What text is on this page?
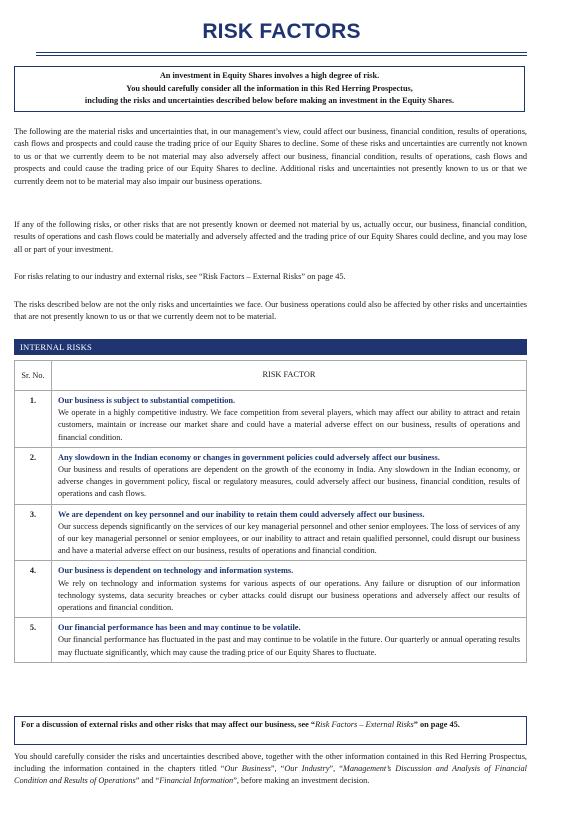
RISK FACTORS
An investment in Equity Shares involves a high degree of risk.
You should carefully consider all the information in this Red Herring Prospectus,
including the risks and uncertainties described below before making an investment in the Equity Shares.
The following are the material risks and uncertainties that, in our management’s view, could affect our business, financial condition, results of operations, cash flows and prospects and could cause the trading price of our Equity Shares to decline. Some of these risks and uncertainties are currently not known to us or that we currently deem to be not material may also adversely affect our business, financial condition, results of operations, cash flows and prospects and could cause the trading price of our Equity Shares to decline. Additional risks and uncertainties not presently known to us or that we currently deem not to be material may also impair our business operations.
If any of the following risks, or other risks that are not presently known or deemed not material by us, actually occur, our business, financial condition, results of operations and cash flows could be materially and adversely affected and the trading price of our Equity Shares could decline, and you may lose all or part of your investment.
For risks relating to our industry and external risks, see “Risk Factors – External Risks” on page 45.
The risks described below are not the only risks and uncertainties we face. Our business operations could also be affected by other risks and uncertainties that are not presently known to us or that we currently deem not to be material.
INTERNAL RISKS
Sr. No.	RISK FACTOR
1.	Our business is subject to substantial competition.
We operate in a highly competitive industry. We face competition from several players, which may affect our ability to attract and retain customers, maintain or increase our market share and could have a material adverse effect on our business, results of operations and financial condition.

2.	Any slowdown in the Indian economy or changes in government policies could adversely affect our business.
Our business and results of operations are dependent on the growth of the economy in India. Any slowdown in the Indian economy, or adverse changes in government policy, fiscal or regulatory measures, could adversely affect our business, financial condition, results of operations and cash flows.

3.	We are dependent on key personnel and our inability to retain them could adversely affect our business.
Our success depends significantly on the services of our key managerial personnel and other senior employees. The loss of services of any of our key managerial personnel or senior employees, or our inability to attract and retain qualified personnel, could disrupt our business and have a material adverse effect on our business, results of operations and financial condition.

4.	Our business is dependent on technology and information systems.
We rely on technology and information systems for various aspects of our operations. Any failure or disruption of our information technology systems, data security breaches or cyber attacks could disrupt our business operations and adversely affect our results of operations and financial condition.

5.	Our financial performance has been and may continue to be volatile.
Our financial performance has fluctuated in the past and may continue to be volatile in the future. Our quarterly or annual operating results may fluctuate significantly, which may cause the trading price of our Equity Shares to fluctuate.
For a discussion of external risks and other risks that may affect our business, see “Risk Factors – External Risks” on page 45.
You should carefully consider the risks and uncertainties described above, together with the other information contained in this Red Herring Prospectus, including the information contained in the chapters titled “Our Business”, “Our Industry”, “Management’s Discussion and Analysis of Financial Condition and Results of Operations” and “Financial Information”, before making an investment decision.
